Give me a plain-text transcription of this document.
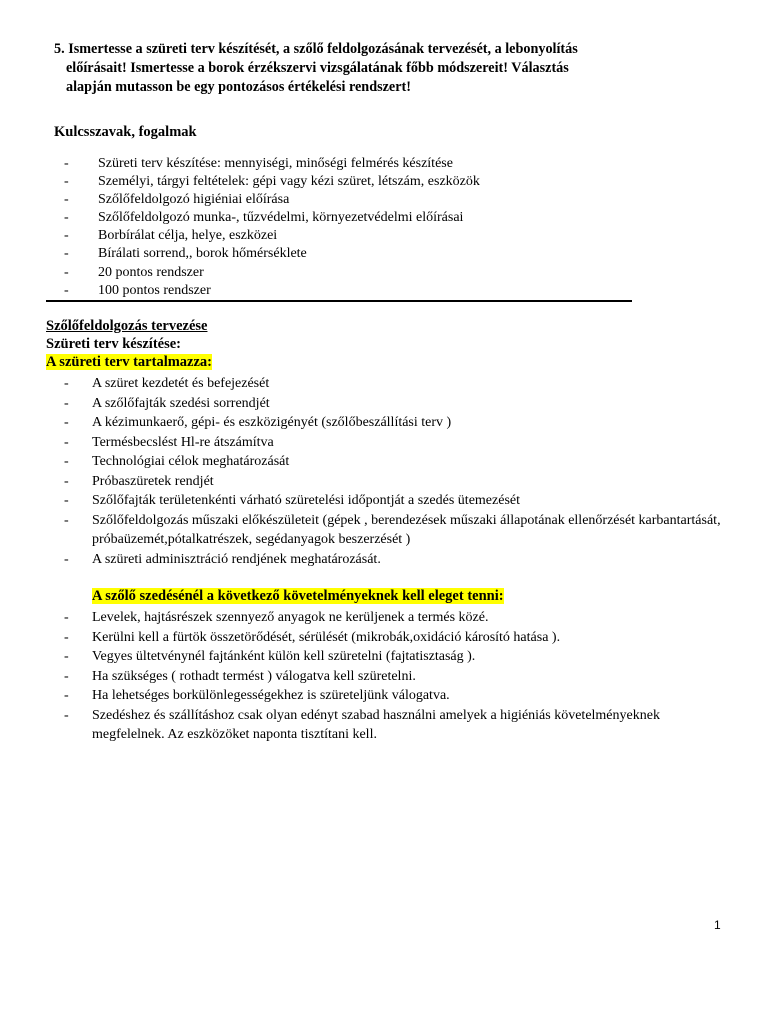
5. Ismertesse a szüreti terv készítését, a szőlő feldolgozásának tervezését, a lebonyolítás
előírásait! Ismertesse a borok érzékszervi vizsgálatának főbb módszereit! Választás
alapján mutasson be egy pontozásos értékelési rendszert!
Kulcsszavak, fogalmak
-	Szüreti terv készítése: mennyiségi, minőségi felmérés készítése
-	Személyi, tárgyi feltételek: gépi vagy kézi szüret, létszám, eszközök
-	Szőlőfeldolgozó higiéniai előírása
-	Szőlőfeldolgozó munka-, tűzvédelmi, környezetvédelmi előírásai
-	Borbírálat célja, helye, eszközei
-	Bírálati sorrend,, borok hőmérséklete
-	20 pontos rendszer
-	100 pontos rendszer
Szőlőfeldolgozás tervezése
Szüreti terv készítése:
A szüreti terv tartalmazza:
-	A szüret kezdetét és befejezését
-	A szőlőfajták szedési sorrendjét
-	A kézimunkaerő, gépi- és eszközigényét (szőlőbeszállítási terv )
-	Termésbecslést Hl-re átszámítva
-	Technológiai célok meghatározását
-	Próbaszüretek rendjét
-	Szőlőfajták területenkénti várható szüretelési időpontját a szedés ütemezését
-	Szőlőfeldolgozás műszaki előkészületeit (gépek , berendezések műszaki állapotának ellenőrzését karbantartását, próbaüzemét,pótalkatrészek, segédanyagok beszerzését )
-	A szüreti adminisztráció rendjének meghatározását.
A szőlő szedésénél a következő követelményeknek kell eleget tenni:
-	Levelek, hajtásrészek szennyező anyagok ne kerüljenek a termés közé.
-	Kerülni kell a fürtök összetörődését, sérülését (mikrobák,oxidáció károsító hatása ).
-	Vegyes ültetvénynél fajtánként külön kell szüretelni (fajtatisztaság ).
-	Ha szükséges ( rothadt termést ) válogatva kell szüretelni.
-	Ha lehetséges borkülönlegességekhez is szüreteljünk válogatva.
-	Szedéshez és szállításhoz csak olyan edényt szabad használni amelyek a higiéniás követelményeknek megfelelnek. Az eszközöket naponta tisztítani kell.
1
